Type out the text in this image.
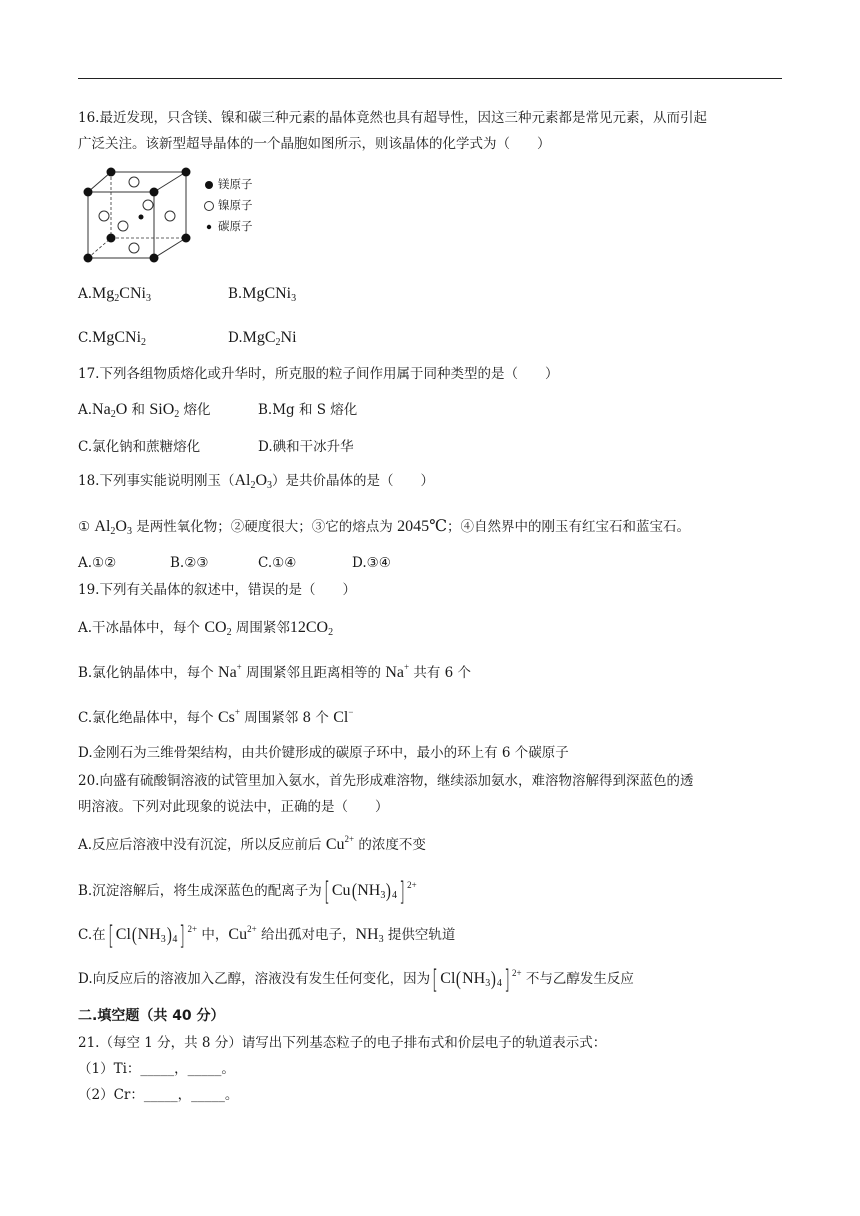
16.最近发现，只含镁、镍和碳三种元素的晶体竟然也具有超导性，因这三种元素都是常见元素，从而引起
广泛关注。该新型超导晶体的一个晶胞如图所示，则该晶体的化学式为（　　）
镁原子
镍原子
碳原子
$A.Mg_2CNi_3$	B.MgCNi$_3$
C.MgCNi$_2$	D.MgC$_2$Ni
17.下列各组物质熔化或升华时，所克服的粒子间作用属于同种类型的是（　　）
$A.Na_2O$ 和 SiO$_2$ 熔化	B.Mg 和 S 熔化
C.氯化钠和蔗糖熔化	D.碘和干冰升华
18.下列事实能说明刚玉$(Al_2O_3)$是共价晶体的是（　　）
① $Al_2O_3$ 是两性氧化物；②硬度很大；③它的熔点为 2045℃；④自然界中的刚玉有红宝石和蓝宝石。
A.①②	B.②③	C.①④	D.③④
19.下列有关晶体的叙述中，错误的是（　　）
A.干冰晶体中，每个 $CO_2$ 周围紧邻$12CO_2$
B.氯化钠晶体中，每个 Na+ 周围紧邻且距离相等的 Na+ 共有 6 个
C.氯化绝晶体中，每个 Cs+ 周围紧邻 8 个 Cl−
D.金刚石为三维骨架结构，由共价键形成的碳原子环中，最小的环上有 6 个碳原子
20.向盛有硫酸铜溶液的试管里加入氨水，首先形成难溶物，继续添加氨水，难溶物溶解得到深蓝色的透
明溶液。下列对此现象的说法中，正确的是（　　）
A.反应后溶液中没有沉淀，所以反应前后 $Cu^{2+}$ 的浓度不变
B.沉淀溶解后，将生成深蓝色的配离子为[ $Cu(NH_3)_4$] $^{2+}$
C.在[ $Cl(NH_3)_4$] $^{2+}$ 中，$Cu^{2+}$ 给出孤对电子，$NH_3$ 提供空轨道
D.向反应后的溶液加入乙醇，溶液没有发生任何变化，因为[ $Cl(NH_3)_4$] $^{2+}$ 不与乙醇发生反应
二.填空题（共 40 分）
21.（每空 1 分，共 8 分）请写出下列基态粒子的电子排布式和价层电子的轨道表示式：
（1）Ti：_____，_____。
（2）Cr：_____，_____。
